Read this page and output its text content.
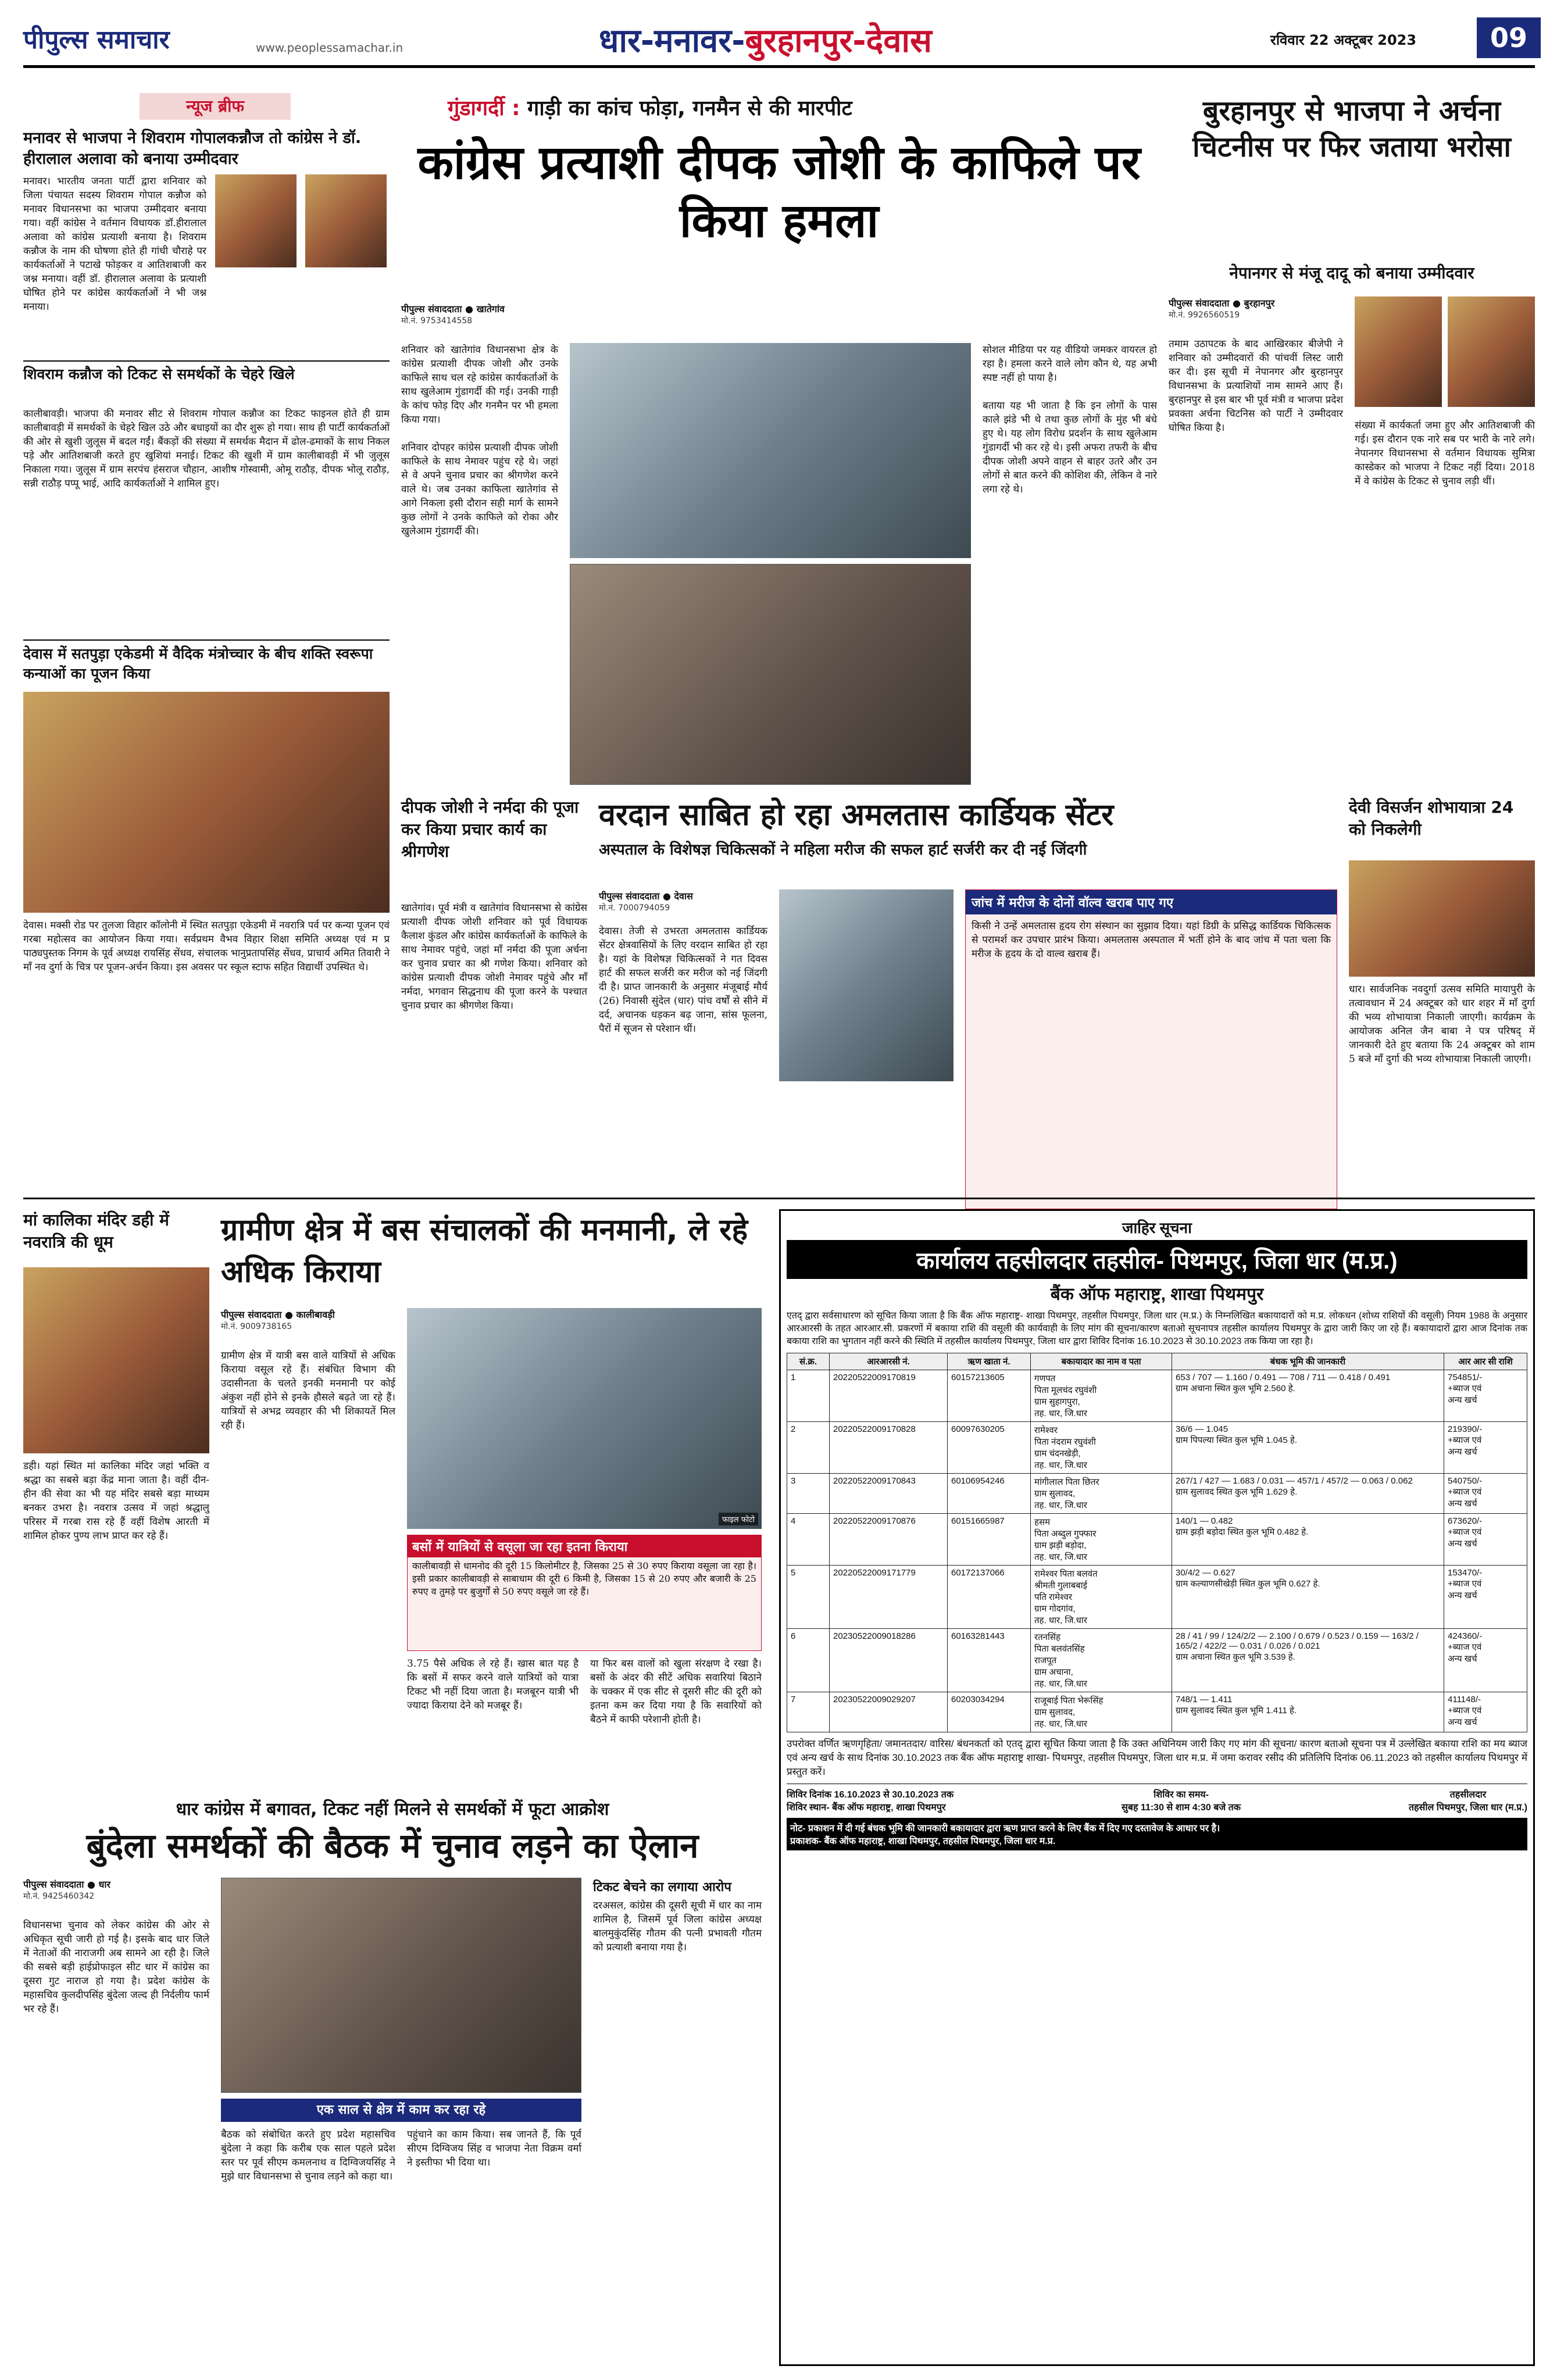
पीपुल्स समाचार	www.peoplessamachar.in	धार-मनावर-बुरहानपुर-देवास	रविवार 22 अक्टूबर 2023	09
न्यूज ब्रीफ
मनावर से भाजपा ने शिवराम गोपालकन्नौज तो कांग्रेस ने डॉ. हीरालाल अलावा को बनाया उम्मीदवार
मनावर। भारतीय जनता पार्टी द्वारा शनिवार को जिला पंचायत सदस्य शिवराम गोपाल कन्नौज को मनावर विधानसभा का भाजपा उम्मीदवार बनाया गया। वहीं कांग्रेस ने वर्तमान विधायक डॉ.हीरालाल अलावा को कांग्रेस प्रत्याशी बनाया है। शिवराम कन्नौज के नाम की घोषणा होते ही गांधी चौराहे पर कार्यकर्ताओं ने पटाखे फोड़कर व आतिशबाजी कर जश्न मनाया। वहीं डॉ. हीरालाल अलावा के प्रत्याशी घोषित होने पर कांग्रेस कार्यकर्ताओं ने भी जश्न मनाया।
शिवराम कन्नौज को टिकट से समर्थकों के चेहरे खिले
कालीबावड़ी। भाजपा की मनावर सीट से शिवराम गोपाल कन्नौज का टिकट फाइनल होते ही ग्राम कालीबावड़ी में समर्थकों के चेहरे खिल उठे और बधाइयों का दौर शुरू हो गया। साथ ही पार्टी कार्यकर्ताओं की ओर से खुशी जुलूस में बदल गईं। बैंकड़ों की संख्या में समर्थक मैदान में ढोल-ढमाकों के साथ निकल पड़े और आतिशबाजी करते हुए खुशियां मनाई। टिकट की खुशी में ग्राम कालीबावड़ी में भी जुलूस निकाला गया। जुलूस में ग्राम सरपंच हंसराज चौहान, आशीष गोस्वामी, ओमू राठौड़, दीपक भोलू राठौड़, सन्नी राठौड़ पप्पू भाई, आदि कार्यकर्ताओं ने शामिल हुए।
देवास में सतपुड़ा एकेडमी में वैदिक मंत्रोच्चार के बीच शक्ति स्वरूपा कन्याओं का पूजन किया
देवास। मक्सी रोड पर तुलजा विहार कॉलोनी में स्थित सतपुड़ा एकेडमी में नवरात्रि पर्व पर कन्या पूजन एवं गरबा महोत्सव का आयोजन किया गया। सर्वप्रथम वैभव विहार शिक्षा समिति अध्यक्ष एवं म प्र पाठ्यपुस्तक निगम के पूर्व अध्यक्ष रायसिंह सेंधव, संचालक भानुप्रतापसिंह सेंधव, प्राचार्य अमित तिवारी ने माँ नव दुर्गा के चित्र पर पूजन-अर्चन किया। इस अवसर पर स्कूल स्टाफ सहित विद्यार्थी उपस्थित थे।
गुंडागर्दी : गाड़ी का कांच फोड़ा, गनमैन से की मारपीट
कांग्रेस प्रत्याशी दीपक जोशी के काफिले पर किया हमला
पीपुल्स संवाददाता ● खातेगांव
मो.नं. 9753414558
शनिवार को खातेगांव विधानसभा क्षेत्र के कांग्रेस प्रत्याशी दीपक जोशी और उनके काफिले साथ चल रहे कांग्रेस कार्यकर्ताओं के साथ खुलेआम गुंडागर्दी की गई। उनकी गाड़ी के कांच फोड़ दिए और गनमैन पर भी हमला किया गया।

शनिवार दोपहर कांग्रेस प्रत्याशी दीपक जोशी काफिले के साथ नेमावर पहुंच रहे थे। जहां से वे अपने चुनाव प्रचार का श्रीगणेश करने वाले थे। जब उनका काफिला खातेगांव से आगे निकला इसी दौरान सही मार्ग के सामने कुछ लोगों ने उनके काफिले को रोका और खुलेआम गुंडागर्दी की।
सोशल मीडिया पर यह वीडियो जमकर वायरल हो रहा है। हमला करने वाले लोग कौन थे, यह अभी स्पष्ट नहीं हो पाया है।

बताया यह भी जाता है कि इन लोगों के पास काले झंडे भी थे तथा कुछ लोगों के मुंह भी बंधे हुए थे। यह लोग विरोध प्रदर्शन के साथ खुलेआम गुंडागर्दी भी कर रहे थे। इसी अफरा तफरी के बीच दीपक जोशी अपने वाहन से बाहर उतरे और उन लोगों से बात करने की कोशिश की, लेकिन वे नारे लगा रहे थे।
बुरहानपुर से भाजपा ने अर्चना चिटनीस पर फिर जताया भरोसा
नेपानगर से मंजू दादू को बनाया उम्मीदवार
पीपुल्स संवाददाता ● बुरहानपुर
मो.नं. 9926560519
तमाम उठापटक के बाद आखिरकार बीजेपी ने शनिवार को उम्मीदवारों की पांचवीं लिस्ट जारी कर दी। इस सूची में नेपानगर और बुरहानपुर विधानसभा के प्रत्याशियों नाम सामने आए हैं। बुरहानपुर से इस बार भी पूर्व मंत्री व भाजपा प्रदेश प्रवक्ता अर्चना चिटनिस को पार्टी ने उम्मीदवार घोषित किया है।	संख्या में कार्यकर्ता जमा हुए और आतिशबाजी की गई। इस दौरान एक नारे सब पर भारी के नारे लगे। नेपानगर विधानसभा से वर्तमान विधायक सुमित्रा कास्डेकर को भाजपा ने टिकट नहीं दिया। 2018 में वे कांग्रेस के टिकट से चुनाव लड़ी थीं।
दीपक जोशी ने नर्मदा की पूजा कर किया प्रचार कार्य का श्रीगणेश
खातेगांव। पूर्व मंत्री व खातेगांव विधानसभा से कांग्रेस प्रत्याशी दीपक जोशी शनिवार को पूर्व विधायक कैलाश कुंडल और कांग्रेस कार्यकर्ताओं के काफिले के साथ नेमावर पहुंचे, जहां माँ नर्मदा की पूजा अर्चना कर चुनाव प्रचार का श्री गणेश किया। शनिवार को कांग्रेस प्रत्याशी दीपक जोशी नेमावर पहुंचे और माँ नर्मदा, भगवान सिद्धनाथ की पूजा करने के पश्चात चुनाव प्रचार का श्रीगणेश किया।
वरदान साबित हो रहा अमलतास कार्डियक सेंटर
अस्पताल के विशेषज्ञ चिकित्सकों ने महिला मरीज की सफल हार्ट सर्जरी कर दी नई जिंदगी
पीपुल्स संवाददाता ● देवास
मो.नं. 7000794059
देवास। तेजी से उभरता अमलतास कार्डियक सेंटर क्षेत्रवासियों के लिए वरदान साबित हो रहा है। यहां के विशेषज्ञ चिकित्सकों ने गत दिवस हार्ट की सफल सर्जरी कर मरीज को नई जिंदगी दी है। प्राप्त जानकारी के अनुसार मंजूबाई मौर्य (26) निवासी सुंदेल (धार) पांच वर्षों से सीने में दर्द, अचानक धड़कन बढ़ जाना, सांस फूलना, पैरों में सूजन से परेशान थीं।
जांच में मरीज के दोनों वॉल्व खराब पाए गए
किसी ने उन्हें अमलतास हृदय रोग संस्थान का सुझाव दिया। यहां डिग्री के प्रसिद्ध कार्डियक चिकित्सक से परामर्श कर उपचार प्रारंभ किया। अमलतास अस्पताल में भर्ती होने के बाद जांच में पता चला कि मरीज के हृदय के दो वाल्व खराब हैं।
देवी विसर्जन शोभायात्रा 24 को निकलेगी
धार। सार्वजनिक नवदुर्गा उत्सव समिति मायापुरी के तत्वावधान में 24 अक्टूबर को धार शहर में माँ दुर्गा की भव्य शोभायात्रा निकाली जाएगी। कार्यक्रम के आयोजक अनिल जैन बाबा ने पत्र परिषद् में जानकारी देते हुए बताया कि 24 अक्टूबर को शाम 5 बजे माँ दुर्गा की भव्य शोभायात्रा निकाली जाएगी।
मां कालिका मंदिर डही में नवरात्रि की धूम
डही। यहां स्थित मां कालिका मंदिर जहां भक्ति व श्रद्धा का सबसे बड़ा केंद्र माना जाता है। वहीं दीन-हीन की सेवा का भी यह मंदिर सबसे बड़ा माध्यम बनकर उभरा है। नवरात्र उत्सव में जहां श्रद्धालु परिसर में गरबा रास रहे हैं वहीं विशेष आरती में शामिल होकर पुण्य लाभ प्राप्त कर रहे हैं।
ग्रामीण क्षेत्र में बस संचालकों की मनमानी, ले रहे अधिक किराया
पीपुल्स संवाददाता ● कालीबावड़ी
मो.नं. 9009738165
ग्रामीण क्षेत्र में यात्री बस वाले यात्रियों से अधिक किराया वसूल रहे हैं। संबंधित विभाग की उदासीनता के चलते इनकी मनमानी पर कोई अंकुश नहीं होने से इनके हौसले बढ़ते जा रहे हैं। यात्रियों से अभद्र व्यवहार की भी शिकायतें मिल रही हैं।
फाइल फोटो
बसों में यात्रियों से वसूला जा रहा इतना किराया
कालीबावड़ी से धामनोद की दूरी 15 किलोमीटर है, जिसका 25 से 30 रुपए किराया वसूला जा रहा है। इसी प्रकार कालीबावड़ी से साबाधाम की दूरी 6 किमी है, जिसका 15 से 20 रुपए और बजारी के 25 रुपए व तुमड़े पर बुजुर्गों से 50 रुपए वसूले जा रहे हैं।
3.75 पैसे अधिक ले रहे हैं। खास बात यह है कि बसों में सफर करने वाले यात्रियों को यात्रा टिकट भी नहीं दिया जाता है। मजबूरन यात्री भी ज्यादा किराया देने को मजबूर हैं।
या फिर बस वालों को खुला संरक्षण दे रखा है। बसों के अंदर की सीटें अधिक सवारियां बिठाने के चक्कर में एक सीट से दूसरी सीट की दूरी को इतना कम कर दिया गया है कि सवारियों को बैठने में काफी परेशानी होती है।
धार कांग्रेस में बगावत, टिकट नहीं मिलने से समर्थकों में फूटा आक्रोश
बुंदेला समर्थकों की बैठक में चुनाव लड़ने का ऐलान
पीपुल्स संवाददाता ● धार
मो.नं. 9425460342
विधानसभा चुनाव को लेकर कांग्रेस की ओर से अधिकृत सूची जारी हो गई है। इसके बाद धार जिले में नेताओं की नाराजगी अब सामने आ रही है। जिले की सबसे बड़ी हाईप्रोफाइल सीट धार में कांग्रेस का दूसरा गुट नाराज हो गया है। प्रदेश कांग्रेस के महासचिव कुलदीपसिंह बुंदेला जल्द ही निर्दलीय फार्म भर रहे हैं।
एक साल से क्षेत्र में काम कर रहा रहे
बैठक को संबोधित करते हुए प्रदेश महासचिव बुंदेला ने कहा कि करीब एक साल पहले प्रदेश स्तर पर पूर्व सीएम कमलनाथ व दिग्विजयसिंह ने मुझे धार विधानसभा से चुनाव लड़ने को कहा था।
पहुंचाने का काम किया। सब जानते हैं, कि पूर्व सीएम दिग्विजय सिंह व भाजपा नेता विक्रम वर्मा ने इस्तीफा भी दिया था।
टिकट बेचने का लगाया आरोप
दरअसल, कांग्रेस की दूसरी सूची में धार का नाम शामिल है, जिसमें पूर्व जिला कांग्रेस अध्यक्ष बालमुकुंदसिंह गौतम की पत्नी प्रभावती गौतम को प्रत्याशी बनाया गया है।
जाहिर सूचना
कार्यालय तहसीलदार तहसील- पिथमपुर, जिला धार (म.प्र.)
बैंक ऑफ महाराष्ट्र, शाखा पिथमपुर
एतद् द्वारा सर्वसाधारण को सूचित किया जाता है कि बैंक ऑफ महाराष्ट्र- शाखा पिथमपुर, तहसील पिथमपुर, जिला धार (म.प्र.) के निम्नलिखित बकायादारों को म.प्र. लोकधन (शोध्य राशियों की वसूली) नियम 1988 के अनुसार आरआरसी के तहत आरआर.सी. प्रकरणों में बकाया राशि की वसूली की कार्यवाही के लिए मांग की सूचना/कारण बताओ सूचनापत्र तहसील कार्यालय पिथमपुर के द्वारा जारी किए जा रहे हैं। बकायादारों द्वारा आज दिनांक तक बकाया राशि का भुगतान नहीं करने की स्थिति में तहसील कार्यालय पिथमपुर, जिला धार द्वारा शिविर दिनांक 16.10.2023 से 30.10.2023 तक किया जा रहा है।
सं.क्र.	आरआरसी नं.	ऋण खाता नं.	बकायादार का नाम व पता	बंधक भूमि की जानकारी	आर आर सी राशि
1	20220522009170819	60157213605	गणपत
पिता मूलचंद रघुवंशी
ग्राम सुहागपुरा,
तह. धार, जि.धार	653 / 707 — 1.160 / 0.491 — 708 / 711 — 0.418 / 0.491
ग्राम अचाना स्थित कुल भूमि 2.560 हे.	754851/-
+ब्याज एवं
अन्य खर्च
2	20220522009170828	60097630205	रामेश्वर
पिता नंदराम रघुवंशी
ग्राम चंदनखेड़ी,
तह. धार, जि.धार	36/6 — 1.045
ग्राम पिपल्या स्थित कुल भूमि 1.045 हे.	219390/-
+ब्याज एवं
अन्य खर्च
3	20220522009170843	60106954246	मांगीलाल पिता छितर
ग्राम सुलावद,
तह. धार, जि.धार	267/1 / 427 — 1.683 / 0.031 — 457/1 / 457/2 — 0.063 / 0.062
ग्राम सुलावद स्थित कुल भूमि 1.629 हे.	540750/-
+ब्याज एवं
अन्य खर्च
4	20220522009170876	60151665987	हसम
पिता अब्दुल गुफ्फार
ग्राम झड़ी बड़ोदा,
तह. धार, जि.धार	140/1 — 0.482
ग्राम झड़ी बड़ोदा स्थित कुल भूमि 0.482 हे.	673620/-
+ब्याज एवं
अन्य खर्च
5	20220522009171779	60172137066	रामेश्वर पिता बलवंत
श्रीमती गुलाबबाई
पति रामेश्वर
ग्राम गोदगांव,
तह. धार, जि.धार	30/4/2 — 0.627
ग्राम कल्याणसीखेड़ी स्थित कुल भूमि 0.627 हे.	153470/-
+ब्याज एवं
अन्य खर्च
6	20230522009018286	60163281443	रतनसिंह
पिता बलवंतसिंह
राजपूत
ग्राम अचाना,
तह. धार, जि.धार	28 / 41 / 99 / 124/2/2 — 2.100 / 0.679 / 0.523 / 0.159 — 163/2 / 165/2 / 422/2 — 0.031 / 0.026 / 0.021
ग्राम अचाना स्थित कुल भूमि 3.539 हे.	424360/-
+ब्याज एवं
अन्य खर्च
7	20230522009029207	60203034294	राजूबाई पिता भेरूसिंह
ग्राम सुलावद,
तह. धार, जि.धार	748/1 — 1.411
ग्राम सुलावद स्थित कुल भूमि 1.411 हे.	411148/-
+ब्याज एवं
अन्य खर्च
उपरोक्त वर्णित ऋणगृहिता/ जमानतदार/ वारिस/ बंधनकर्ता को एतद् द्वारा सूचित किया जाता है कि उक्त अधिनियम जारी किए गए मांग की सूचना/ कारण बताओ सूचना पत्र में उल्लेखित बकाया राशि का मय ब्याज एवं अन्य खर्च के साथ दिनांक 30.10.2023 तक बैंक ऑफ महाराष्ट्र शाखा- पिथमपुर, तहसील पिथमपुर, जिला धार म.प्र. में जमा करावर रसीद की प्रतिलिपि दिनांक 06.11.2023 को तहसील कार्यालय पिथमपुर में प्रस्तुत करें।
शिविर दिनांक 16.10.2023 से 30.10.2023 तक
शिविर स्थान- बैंक ऑफ महाराष्ट्र, शाखा पिथमपुर
शिविर का समय-
सुबह 11:30 से शाम 4:30 बजे तक
तहसीलदार
तहसील पिथमपुर, जिला धार (म.प्र.)
नोट- प्रकाशन में दी गई बंधक भूमि की जानकारी बकायादार द्वारा ऋण प्राप्त करने के लिए बैंक में दिए गए दस्तावेज के आधार पर है।
प्रकाशक- बैंक ऑफ महाराष्ट्र, शाखा पिथमपुर, तहसील पिथमपुर, जिला धार म.प्र.
